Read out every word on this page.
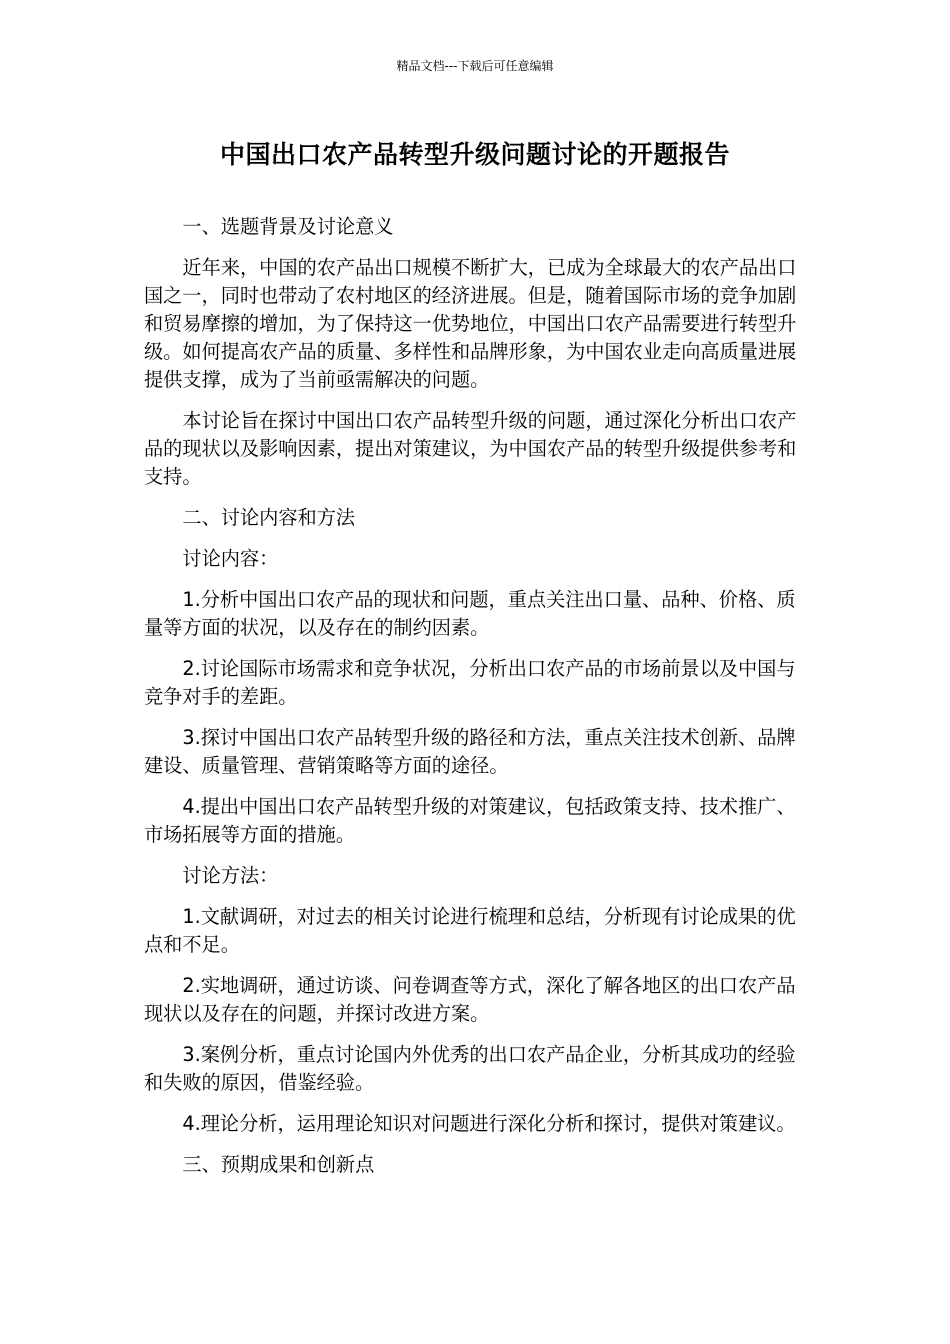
精品文档---下载后可任意编辑
中国出口农产品转型升级问题讨论的开题报告

一、选题背景及讨论意义

近年来，中国的农产品出口规模不断扩大，已成为全球最大的农产品出口国之一，同时也带动了农村地区的经济进展。但是，随着国际市场的竞争加剧和贸易摩擦的增加，为了保持这一优势地位，中国出口农产品需要进行转型升级。如何提高农产品的质量、多样性和品牌形象，为中国农业走向高质量进展提供支撑，成为了当前亟需解决的问题。

本讨论旨在探讨中国出口农产品转型升级的问题，通过深化分析出口农产品的现状以及影响因素，提出对策建议，为中国农产品的转型升级提供参考和支持。

二、讨论内容和方法

讨论内容：

1.分析中国出口农产品的现状和问题，重点关注出口量、品种、价格、质量等方面的状况，以及存在的制约因素。

2.讨论国际市场需求和竞争状况，分析出口农产品的市场前景以及中国与竞争对手的差距。

3.探讨中国出口农产品转型升级的路径和方法，重点关注技术创新、品牌建设、质量管理、营销策略等方面的途径。

4.提出中国出口农产品转型升级的对策建议，包括政策支持、技术推广、市场拓展等方面的措施。

讨论方法：

1.文献调研，对过去的相关讨论进行梳理和总结，分析现有讨论成果的优点和不足。

2.实地调研，通过访谈、问卷调查等方式，深化了解各地区的出口农产品现状以及存在的问题，并探讨改进方案。

3.案例分析，重点讨论国内外优秀的出口农产品企业，分析其成功的经验和失败的原因，借鉴经验。

4.理论分析，运用理论知识对问题进行深化分析和探讨，提供对策建议。

三、预期成果和创新点
